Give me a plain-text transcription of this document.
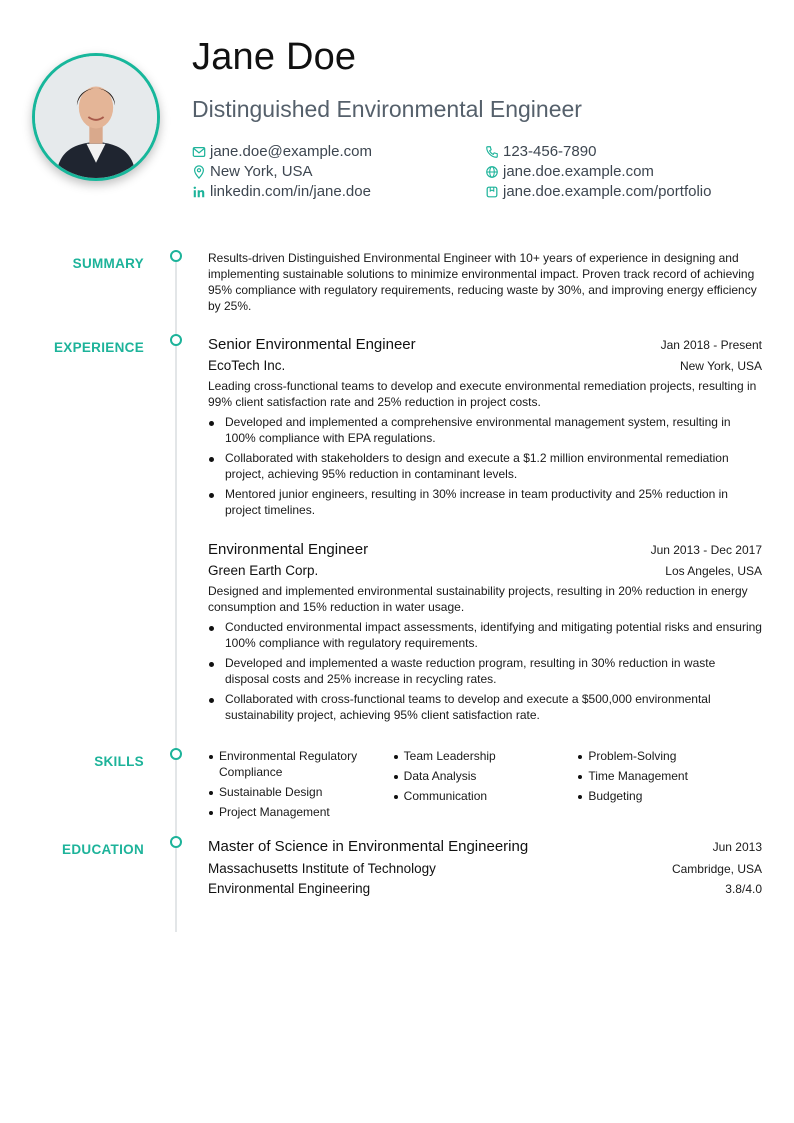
Jane Doe
Distinguished Environmental Engineer
jane.doe@example.com	123-456-7890
New York, USA	jane.doe.example.com
linkedin.com/in/jane.doe	jane.doe.example.com/portfolio
SUMMARY
EXPERIENCE
SKILLS
EDUCATION
Results-driven Distinguished Environmental Engineer with 10+ years of experience in designing and implementing sustainable solutions to minimize environmental impact. Proven track record of achieving 95% compliance with regulatory requirements, reducing waste by 30%, and improving energy efficiency by 25%.
Senior Environmental Engineer	Jan 2018 - Present
EcoTech Inc.	New York, USA
Leading cross-functional teams to develop and execute environmental remediation projects, resulting in 99% client satisfaction rate and 25% reduction in project costs.
Developed and implemented a comprehensive environmental management system, resulting in 100% compliance with EPA regulations.
Collaborated with stakeholders to design and execute a $1.2 million environmental remediation project, achieving 95% reduction in contaminant levels.
Mentored junior engineers, resulting in 30% increase in team productivity and 25% reduction in project timelines.
Environmental Engineer	Jun 2013 - Dec 2017
Green Earth Corp.	Los Angeles, USA
Designed and implemented environmental sustainability projects, resulting in 20% reduction in energy consumption and 15% reduction in water usage.
Conducted environmental impact assessments, identifying and mitigating potential risks and ensuring 100% compliance with regulatory requirements.
Developed and implemented a waste reduction program, resulting in 30% reduction in waste disposal costs and 25% increase in recycling rates.
Collaborated with cross-functional teams to develop and execute a $500,000 environmental sustainability project, achieving 95% client satisfaction rate.
Environmental Regulatory Compliance
Sustainable Design
Project Management
Team Leadership
Data Analysis
Communication
Problem-Solving
Time Management
Budgeting
Master of Science in Environmental Engineering	Jun 2013
Massachusetts Institute of Technology	Cambridge, USA
Environmental Engineering	3.8/4.0
